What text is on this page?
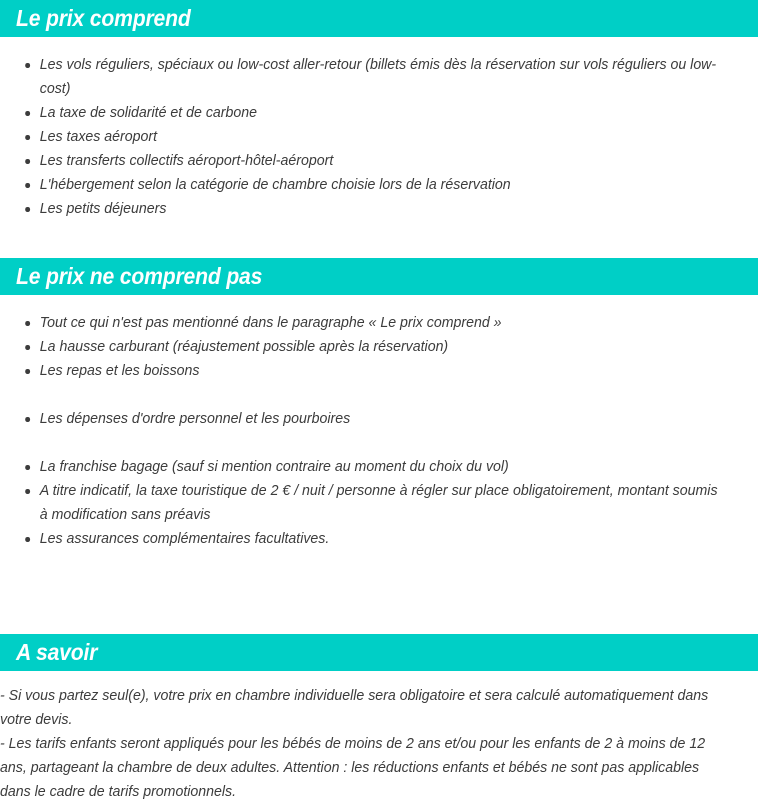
Le prix comprend
Les vols réguliers, spéciaux ou low-cost aller-retour (billets émis dès la réservation sur vols réguliers ou low-cost)
La taxe de solidarité et de carbone
Les taxes aéroport
Les transferts collectifs aéroport-hôtel-aéroport
L'hébergement selon la catégorie de chambre choisie lors de la réservation
Les petits déjeuners
Le prix ne comprend pas
Tout ce qui n'est pas mentionné dans le paragraphe « Le prix comprend »
La hausse carburant (réajustement possible après la réservation)
Les repas et les boissons
Les dépenses d'ordre personnel et les pourboires
La franchise bagage (sauf si mention contraire au moment du choix du vol)
A titre indicatif, la taxe touristique de 2 € / nuit / personne à régler sur place obligatoirement, montant soumis à modification sans préavis
Les assurances complémentaires facultatives.
A savoir

- Si vous partez seul(e), votre prix en chambre individuelle sera obligatoire et sera calculé automatiquement dans votre devis.

- Les tarifs enfants seront appliqués pour les bébés de moins de 2 ans et/ou pour les enfants de 2 à moins de 12 ans, partageant la chambre de deux adultes. Attention : les réductions enfants et bébés ne sont pas applicables dans le cadre de tarifs promotionnels.
